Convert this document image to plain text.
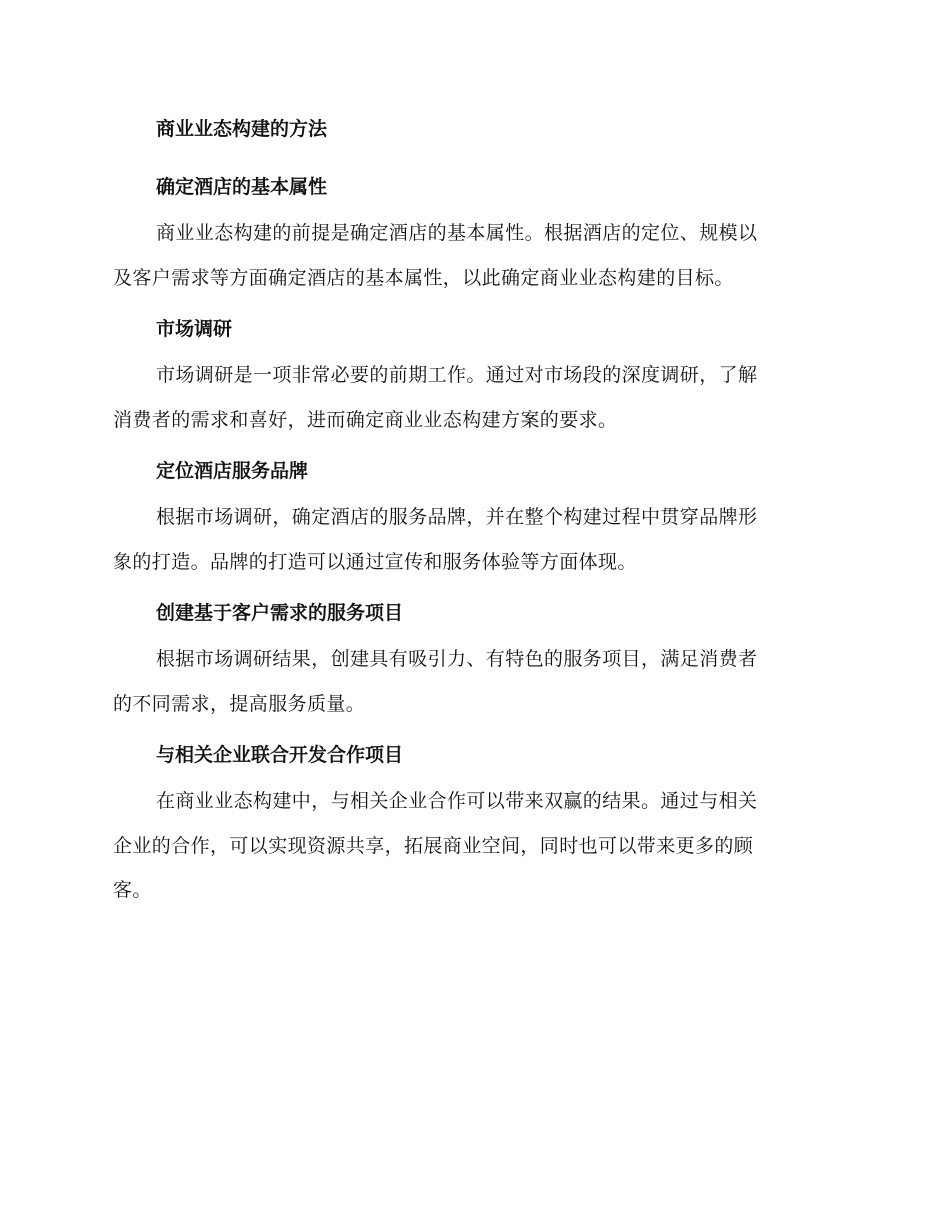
商业业态构建的方法
确定酒店的基本属性

商业业态构建的前提是确定酒店的基本属性。根据酒店的定位、规模以
及客户需求等方面确定酒店的基本属性，以此确定商业业态构建的目标。

市场调研

市场调研是一项非常必要的前期工作。通过对市场段的深度调研，了解
消费者的需求和喜好，进而确定商业业态构建方案的要求。

定位酒店服务品牌

根据市场调研，确定酒店的服务品牌，并在整个构建过程中贯穿品牌形
象的打造。品牌的打造可以通过宣传和服务体验等方面体现。

创建基于客户需求的服务项目

根据市场调研结果，创建具有吸引力、有特色的服务项目，满足消费者
的不同需求，提高服务质量。

与相关企业联合开发合作项目

在商业业态构建中，与相关企业合作可以带来双赢的结果。通过与相关
企业的合作，可以实现资源共享，拓展商业空间，同时也可以带来更多的顾
客。
